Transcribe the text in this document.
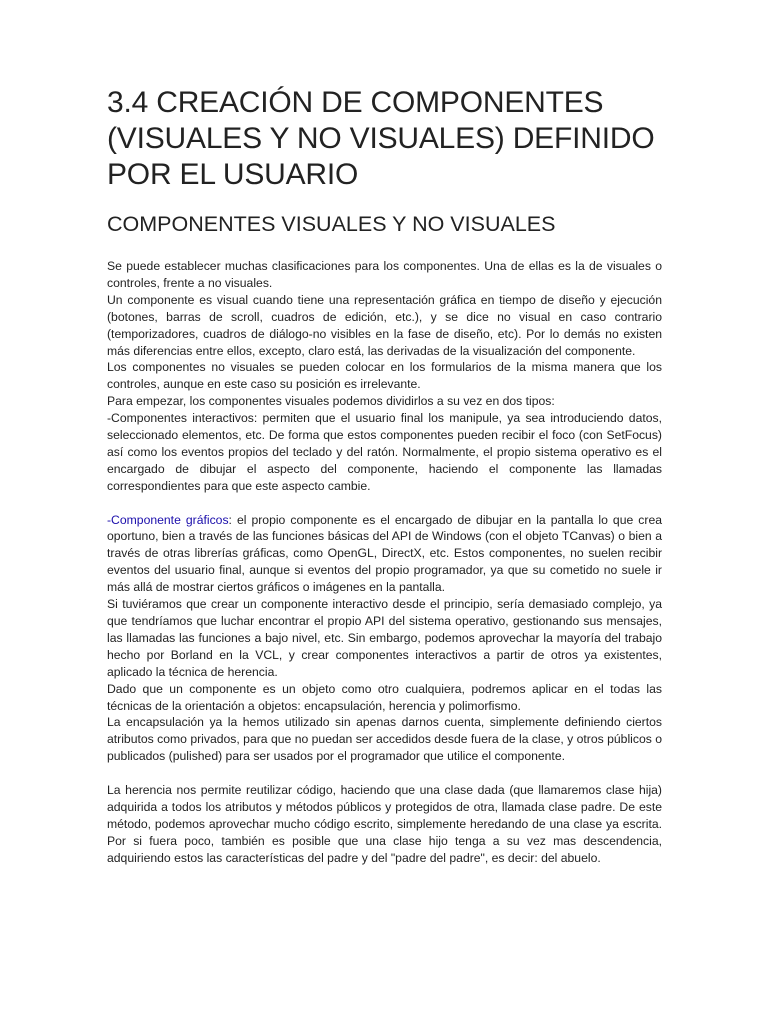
3.4 CREACIÓN DE COMPONENTES (VISUALES Y NO VISUALES) DEFINIDO POR EL USUARIO
COMPONENTES VISUALES Y NO VISUALES

Se puede establecer muchas clasificaciones para los componentes. Una de ellas es la de visuales o controles, frente a no visuales.

Un componente es visual cuando tiene una representación gráfica en tiempo de diseño y ejecución (botones, barras de scroll, cuadros de edición, etc.), y se dice no visual en caso contrario (temporizadores, cuadros de diálogo-no visibles en la fase de diseño, etc). Por lo demás no existen más diferencias entre ellos, excepto, claro está, las derivadas de la visualización del componente.

Los componentes no visuales se pueden colocar en los formularios de la misma manera que los controles, aunque en este caso su posición es irrelevante.

Para empezar, los componentes visuales podemos dividirlos a su vez en dos tipos:

-Componentes interactivos: permiten que el usuario final los manipule, ya sea introduciendo datos, seleccionado elementos, etc. De forma que estos componentes pueden recibir el foco (con SetFocus) así como los eventos propios del teclado y del ratón. Normalmente, el propio sistema operativo es el encargado de dibujar el aspecto del componente, haciendo el componente las llamadas correspondientes para que este aspecto cambie.

-Componente gráficos: el propio componente es el encargado de dibujar en la pantalla lo que crea oportuno, bien a través de las funciones básicas del API de Windows (con el objeto TCanvas) o bien a través de otras librerías gráficas, como OpenGL, DirectX, etc. Estos componentes, no suelen recibir eventos del usuario final, aunque si eventos del propio programador, ya que su cometido no suele ir más allá de mostrar ciertos gráficos o imágenes en la pantalla.

Si tuviéramos que crear un componente interactivo desde el principio, sería demasiado complejo, ya que tendríamos que luchar encontrar el propio API del sistema operativo, gestionando sus mensajes, las llamadas las funciones a bajo nivel, etc. Sin embargo, podemos aprovechar la mayoría del trabajo hecho por Borland en la VCL, y crear componentes interactivos a partir de otros ya existentes, aplicado la técnica de herencia.

Dado que un componente es un objeto como otro cualquiera, podremos aplicar en el todas las técnicas de la orientación a objetos: encapsulación, herencia y polimorfismo.

La encapsulación ya la hemos utilizado sin apenas darnos cuenta, simplemente definiendo ciertos atributos como privados, para que no puedan ser accedidos desde fuera de la clase, y otros públicos o publicados (pulished) para ser usados por el programador que utilice el componente.

La herencia nos permite reutilizar código, haciendo que una clase dada (que llamaremos clase hija) adquirida a todos los atributos y métodos públicos y protegidos de otra, llamada clase padre. De este método, podemos aprovechar mucho código escrito, simplemente heredando de una clase ya escrita. Por si fuera poco, también es posible que una clase hijo tenga a su vez mas descendencia, adquiriendo estos las características del padre y del "padre del padre", es decir: del abuelo.
